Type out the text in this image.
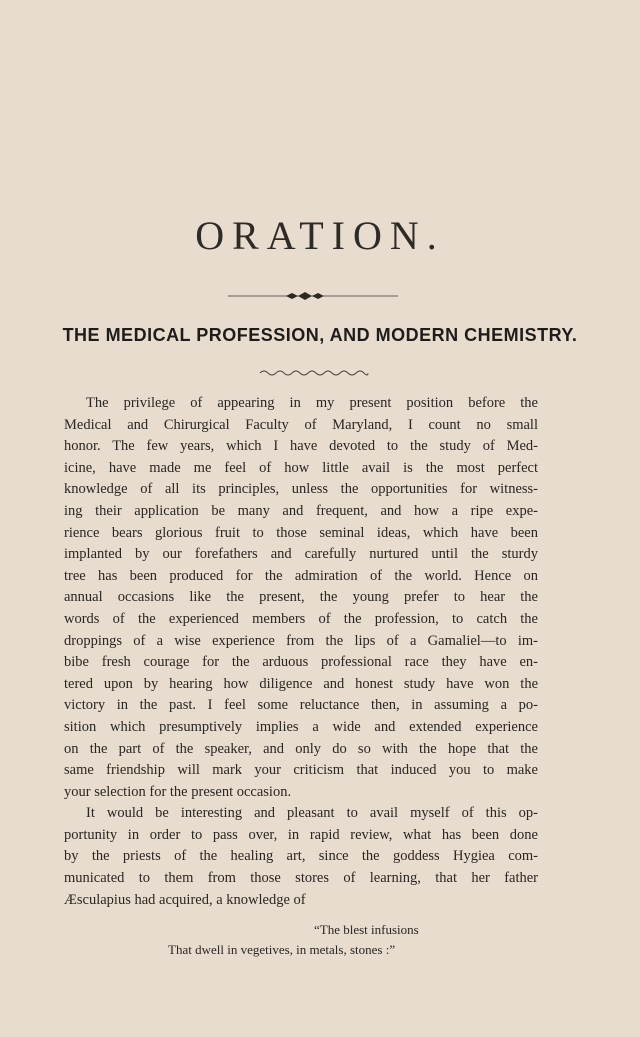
ORATION.
THE MEDICAL PROFESSION, AND MODERN CHEMISTRY.
The privilege of appearing in my present position before the
Medical and Chirurgical Faculty of Maryland, I count no small
honor. The few years, which I have devoted to the study of Med-
icine, have made me feel of how little avail is the most perfect
knowledge of all its principles, unless the opportunities for witness-
ing their application be many and frequent, and how a ripe expe-
rience bears glorious fruit to those seminal ideas, which have been
implanted by our forefathers and carefully nurtured until the sturdy
tree has been produced for the admiration of the world. Hence on
annual occasions like the present, the young prefer to hear the
words of the experienced members of the profession, to catch the
droppings of a wise experience from the lips of a Gamaliel—to im-
bibe fresh courage for the arduous professional race they have en-
tered upon by hearing how diligence and honest study have won the
victory in the past. I feel some reluctance then, in assuming a po-
sition which presumptively implies a wide and extended experience
on the part of the speaker, and only do so with the hope that the
same friendship will mark your criticism that induced you to make
your selection for the present occasion.
It would be interesting and pleasant to avail myself of this op-
portunity in order to pass over, in rapid review, what has been done
by the priests of the healing art, since the goddess Hygiea com-
municated to them from those stores of learning, that her father
Æsculapius had acquired, a knowledge of
“The blest infusions
That dwell in vegetives, in metals, stones :”
